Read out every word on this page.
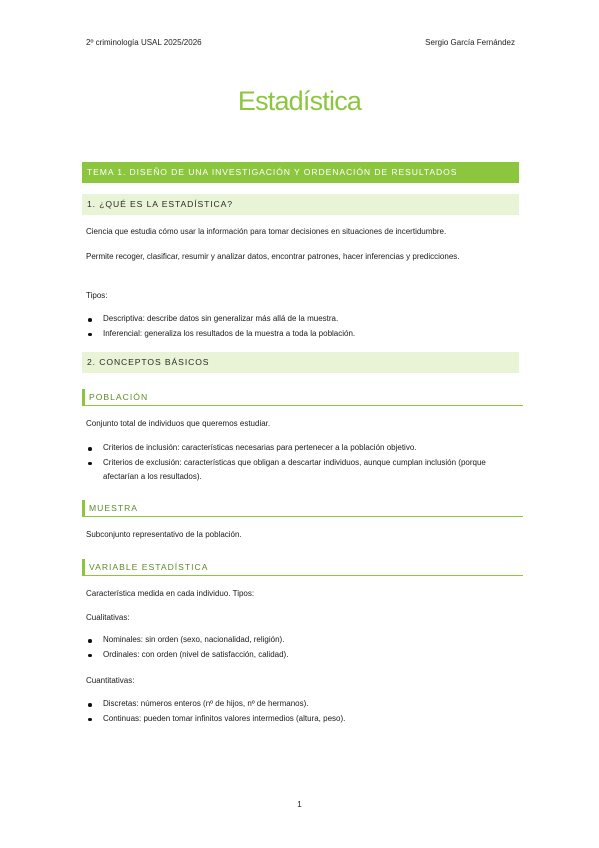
2º criminología USAL 2025/2026	Sergio García Fernández
Estadística
TEMA 1. DISEÑO DE UNA INVESTIGACIÓN Y ORDENACIÓN DE RESULTADOS
1. ¿QUÉ ES LA ESTADÍSTICA?
Ciencia que estudia cómo usar la información para tomar decisiones en situaciones de incertidumbre.
Permite recoger, clasificar, resumir y analizar datos, encontrar patrones, hacer inferencias y predicciones.
Tipos:
Descriptiva: describe datos sin generalizar más allá de la muestra.
Inferencial: generaliza los resultados de la muestra a toda la población.
2. CONCEPTOS BÁSICOS
POBLACIÓN
Conjunto total de individuos que queremos estudiar.
Criterios de inclusión: características necesarias para pertenecer a la población objetivo.
Criterios de exclusión: características que obligan a descartar individuos, aunque cumplan inclusión (porque afectarían a los resultados).
MUESTRA
Subconjunto representativo de la población.
VARIABLE ESTADÍSTICA
Característica medida en cada individuo. Tipos:
Cualitativas:
Nominales: sin orden (sexo, nacionalidad, religión).
Ordinales: con orden (nivel de satisfacción, calidad).
Cuantitativas:
Discretas: números enteros (nº de hijos, nº de hermanos).
Continuas: pueden tomar infinitos valores intermedios (altura, peso).
1
